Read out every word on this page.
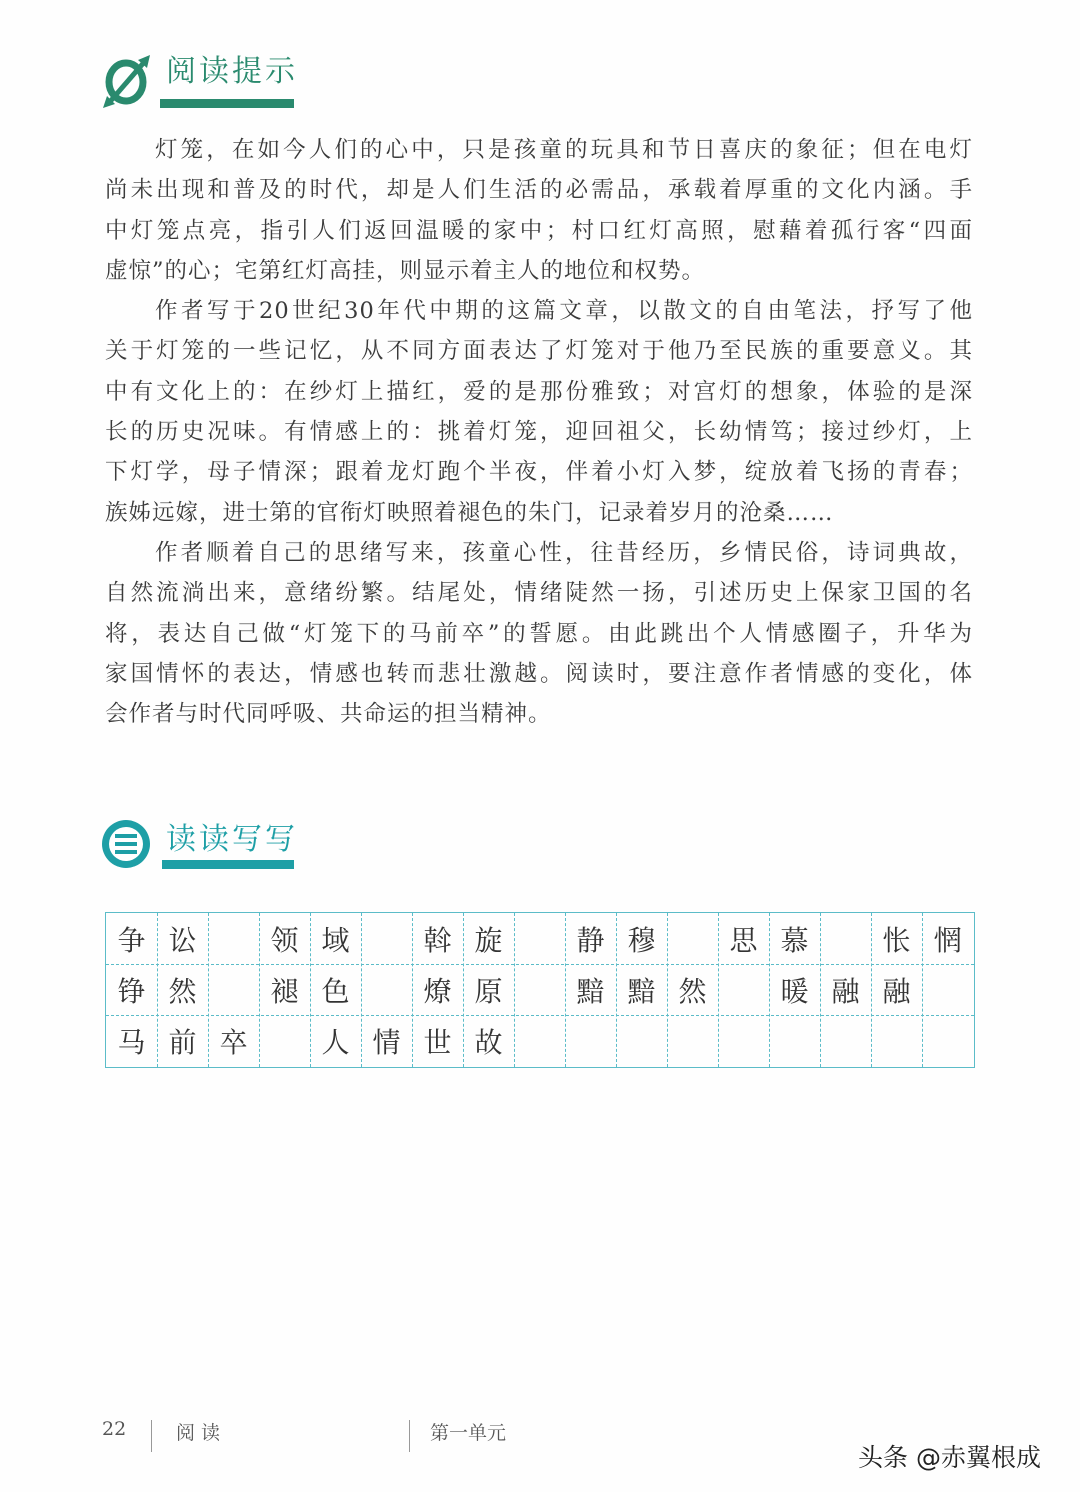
阅读提示
灯笼，在如今人们的心中，只是孩童的玩具和节日喜庆的象征；但在电灯
尚未出现和普及的时代，却是人们生活的必需品，承载着厚重的文化内涵。手
中灯笼点亮，指引人们返回温暖的家中；村口红灯高照，慰藉着孤行客“四面
虚惊”的心；宅第红灯高挂，则显示着主人的地位和权势。
作者写于20世纪30年代中期的这篇文章，以散文的自由笔法，抒写了他
关于灯笼的一些记忆，从不同方面表达了灯笼对于他乃至民族的重要意义。其
中有文化上的：在纱灯上描红，爱的是那份雅致；对宫灯的想象，体验的是深
长的历史况味。有情感上的：挑着灯笼，迎回祖父，长幼情笃；接过纱灯，上
下灯学，母子情深；跟着龙灯跑个半夜，伴着小灯入梦，绽放着飞扬的青春；
族姊远嫁，进士第的官衔灯映照着褪色的朱门，记录着岁月的沧桑……
作者顺着自己的思绪写来，孩童心性，往昔经历，乡情民俗，诗词典故，
自然流淌出来，意绪纷繁。结尾处，情绪陡然一扬，引述历史上保家卫国的名
将，表达自己做“灯笼下的马前卒”的誓愿。由此跳出个人情感圈子，升华为
家国情怀的表达，情感也转而悲壮激越。阅读时，要注意作者情感的变化，体
会作者与时代同呼吸、共命运的担当精神。
读读写写
争 讼	领 域	斡 旋	静 穆	思 慕	怅 惘
铮 然	褪 色	燎 原	黯 黯 然	暖 融 融
马 前 卒	人 情 世 故
22	阅 读	第一单元
头条 @赤翼根成
